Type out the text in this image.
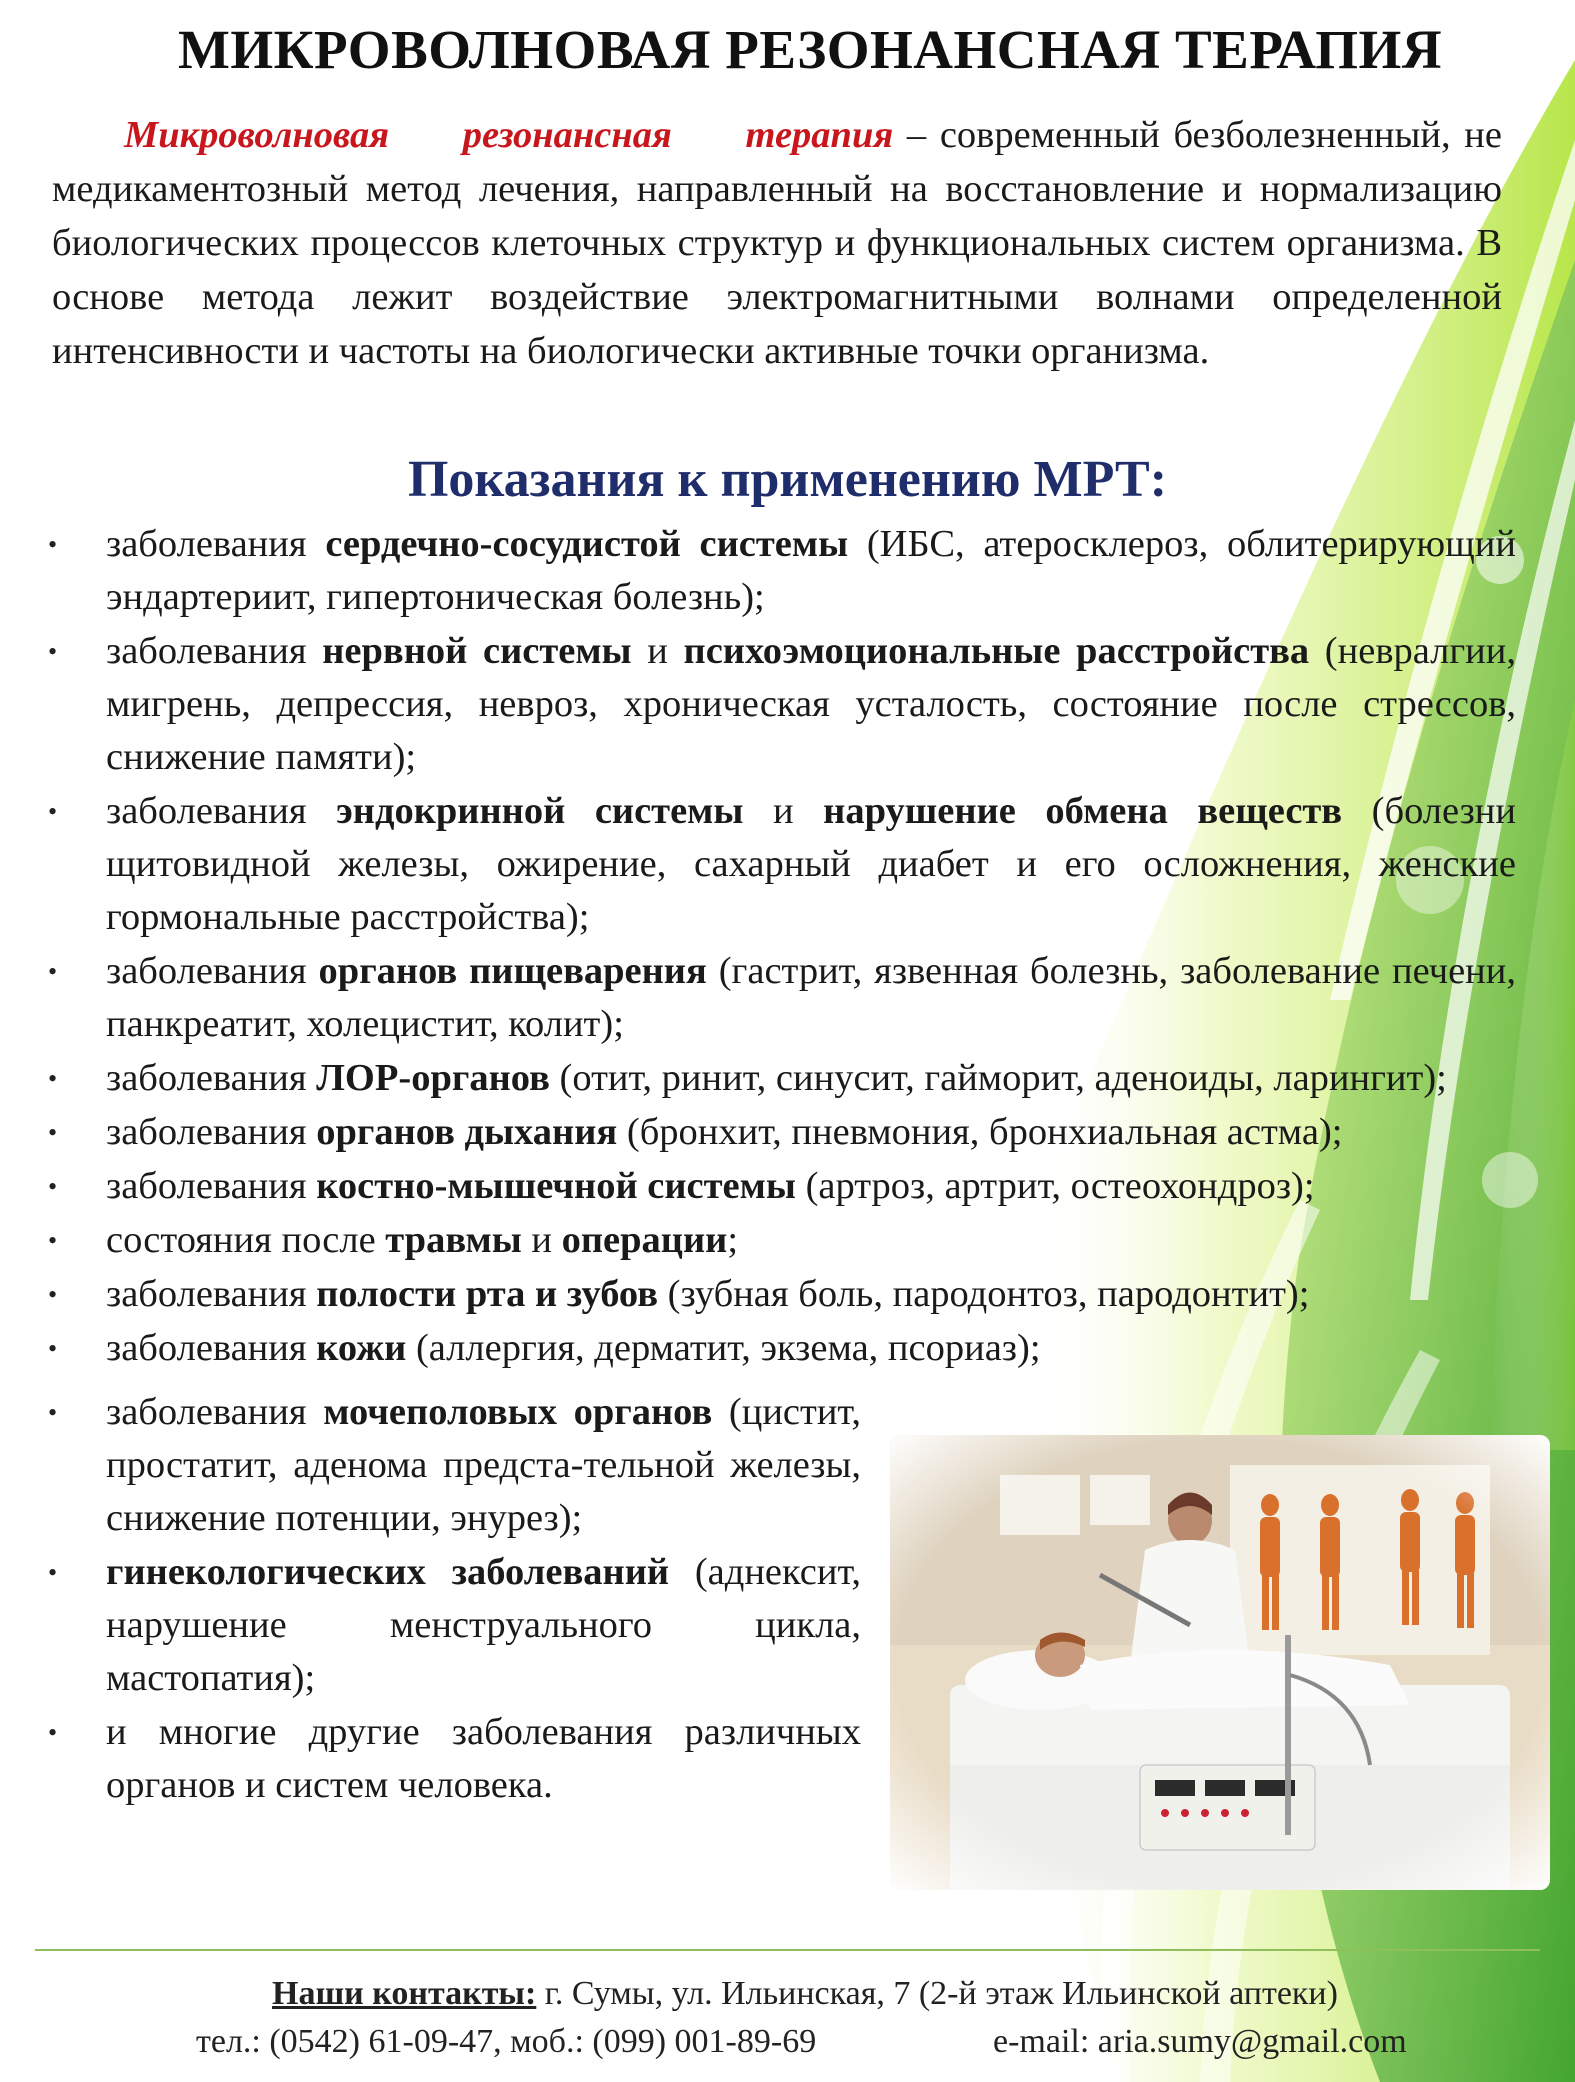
МИКРОВОЛНОВАЯ РЕЗОНАНСНАЯ ТЕРАПИЯ
Микроволновая резонансная терапия – современный безболезненный, не медикаментозный метод лечения, направленный на восстановление и нормализацию биологических процессов клеточных структур и функциональных систем организма. В основе метода лежит воздействие электромагнитными волнами определенной интенсивности и частоты на биологически активные точки организма.
Показания к применению МРТ:
• заболевания сердечно-сосудистой системы (ИБС, атеросклероз, облитерирующий эндартериит, гипертоническая болезнь);
• заболевания нервной системы и психоэмоциональные расстройства (невралгии, мигрень, депрессия, невроз, хроническая усталость, состояние после стрессов, снижение памяти);
• заболевания эндокринной системы и нарушение обмена веществ (болезни щитовидной железы, ожирение, сахарный диабет и его осложнения, женские гормональные расстройства);
• заболевания органов пищеварения (гастрит, язвенная болезнь, заболевание печени, панкреатит, холецистит, колит);
• заболевания ЛОР-органов (отит, ринит, синусит, гайморит, аденоиды, ларингит);
• заболевания органов дыхания (бронхит, пневмония, бронхиальная астма);
• заболевания костно-мышечной системы (артроз, артрит, остеохондроз);
• состояния после травмы и операции;
• заболевания полости рта и зубов (зубная боль, пародонтоз, пародонтит);
• заболевания кожи (аллергия, дерматит, экзема, псориаз);
• заболевания мочеполовых органов (цистит, простатит, аденома предста-тельной железы, снижение потенции, энурез);
• гинекологических заболеваний (аднексит, нарушение менструального цикла, мастопатия);
• и многие другие заболевания различных органов и систем человека.
Наши контакты: г. Сумы, ул. Ильинская, 7 (2-й этаж Ильинской аптеки)
тел.: (0542) 61-09-47, моб.: (099) 001-89-69	e-mail: aria.sumy@gmail.com
